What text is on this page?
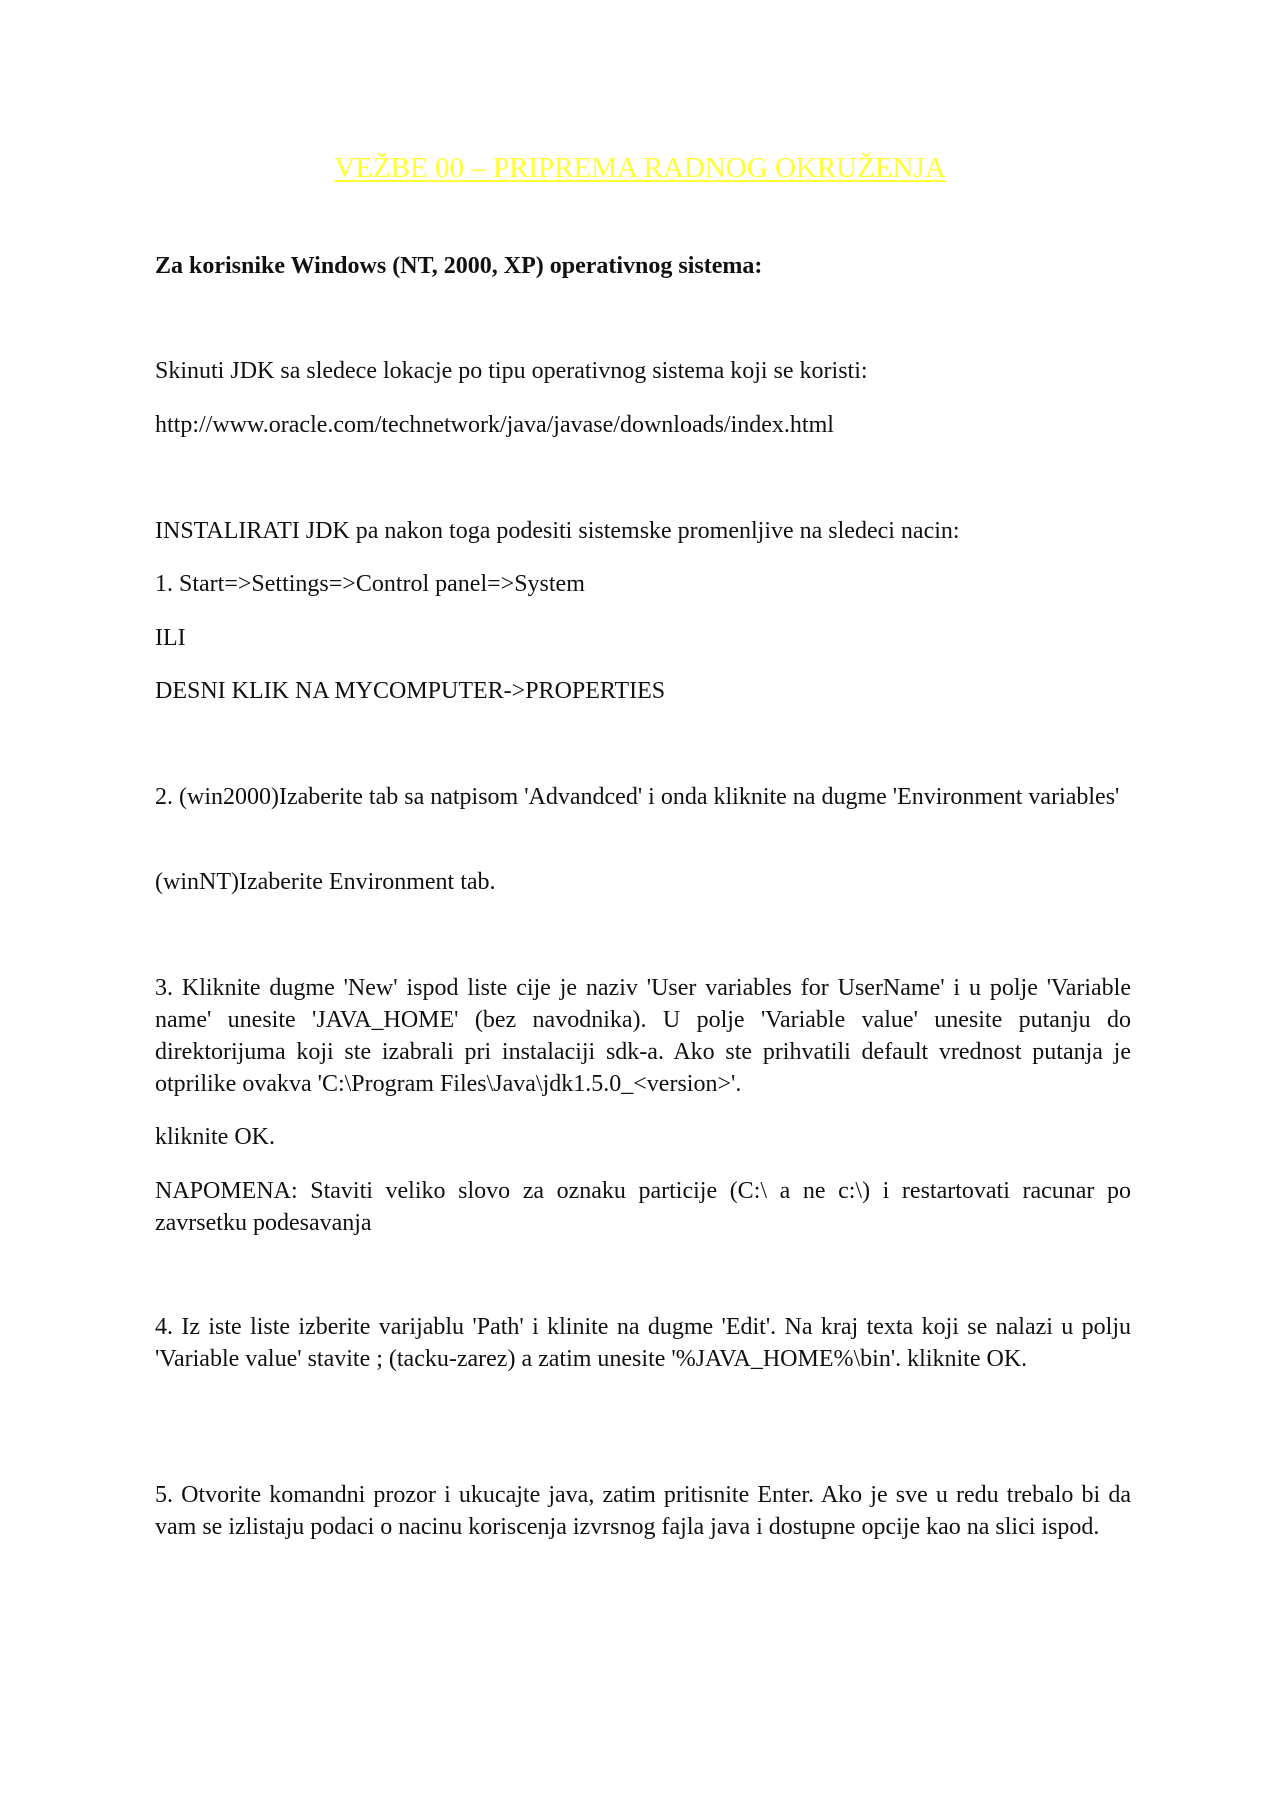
VEŽBE 00 – PRIPREMA RADNOG OKRUŽENJA

Za korisnike Windows (NT, 2000, XP) operativnog sistema:

Skinuti JDK sa sledece lokacje po tipu operativnog sistema koji se koristi:

http://www.oracle.com/technetwork/java/javase/downloads/index.html

INSTALIRATI JDK pa nakon toga podesiti sistemske promenljive na sledeci nacin:

1. Start=>Settings=>Control panel=>System

ILI

DESNI KLIK NA MYCOMPUTER->PROPERTIES

2. (win2000)Izaberite tab sa natpisom 'Advandced' i onda kliknite na dugme 'Environment variables'

(winNT)Izaberite Environment tab.

3. Kliknite dugme 'New' ispod liste cije je naziv 'User variables for UserName' i u polje 'Variable name' unesite 'JAVA_HOME' (bez navodnika). U polje 'Variable value' unesite putanju do direktorijuma koji ste izabrali pri instalaciji sdk-a. Ako ste prihvatili default vrednost putanja je otprilike ovakva 'C:\Program Files\Java\jdk1.5.0_<version>'.

kliknite OK.

NAPOMENA: Staviti veliko slovo za oznaku particije (C:\ a ne c:\) i restartovati racunar po zavrsetku podesavanja

4. Iz iste liste izberite varijablu 'Path' i klinite na dugme 'Edit'. Na kraj texta koji se nalazi u polju 'Variable value' stavite ; (tacku-zarez) a zatim unesite '%JAVA_HOME%\bin'. kliknite OK.

5. Otvorite komandni prozor i ukucajte java, zatim pritisnite Enter. Ako je sve u redu trebalo bi da vam se izlistaju podaci o nacinu koriscenja izvrsnog fajla java i dostupne opcije kao na slici ispod.
